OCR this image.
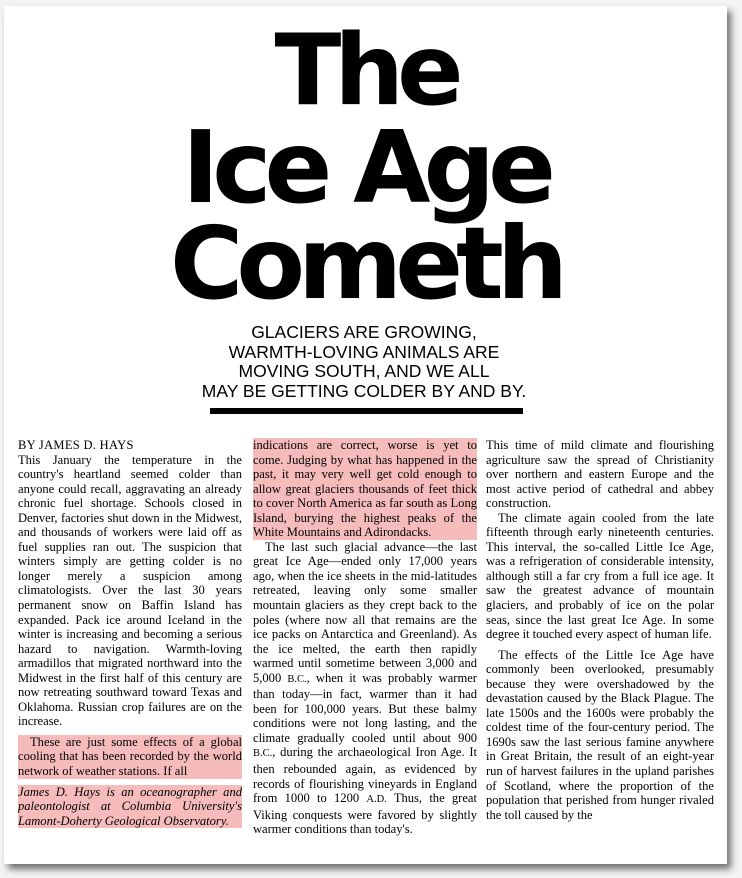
The
Ice Age
Cometh
GLACIERS ARE GROWING,
WARMTH-LOVING ANIMALS ARE
MOVING SOUTH, AND WE ALL
MAY BE GETTING COLDER BY AND BY.

BY JAMES D. HAYS

This January the temperature in the country's heartland seemed colder than anyone could recall, aggravating an already chronic fuel shortage. Schools closed in Denver, factories shut down in the Midwest, and thousands of workers were laid off as fuel supplies ran out. The suspicion that winters simply are getting colder is no longer merely a suspicion among climatologists. Over the last 30 years permanent snow on Baffin Island has expanded. Pack ice around Iceland in the winter is increasing and becoming a serious hazard to navigation. Warmth-loving armadillos that migrated northward into the Midwest in the first half of this century are now retreating southward toward Texas and Oklahoma. Russian crop failures are on the increase.

These are just some effects of a global cooling that has been recorded by the world network of weather stations. If all

James D. Hays is an oceanographer and paleontologist at Columbia University's Lamont-Doherty Geological Observatory.

indications are correct, worse is yet to come. Judging by what has happened in the past, it may very well get cold enough to allow great glaciers thousands of feet thick to cover North America as far south as Long Island, burying the highest peaks of the White Mountains and Adirondacks.

The last such glacial advance—the last great Ice Age—ended only 17,000 years ago, when the ice sheets in the mid-latitudes retreated, leaving only some smaller mountain glaciers as they crept back to the poles (where now all that remains are the ice packs on Antarctica and Greenland). As the ice melted, the earth then rapidly warmed until sometime between 3,000 and 5,000 B.C., when it was probably warmer than today—in fact, warmer than it had been for 100,000 years. But these balmy conditions were not long lasting, and the climate gradually cooled until about 900 B.C., during the archaeological Iron Age. It then rebounded again, as evidenced by records of flourishing vineyards in England from 1000 to 1200 A.D. Thus, the great Viking conquests were favored by slightly warmer conditions than today's.

This time of mild climate and flourishing agriculture saw the spread of Christianity over northern and eastern Europe and the most active period of cathedral and abbey construction.

The climate again cooled from the late fifteenth through early nineteenth centuries. This interval, the so-called Little Ice Age, was a refrigeration of considerable intensity, although still a far cry from a full ice age. It saw the greatest advance of mountain glaciers, and probably of ice on the polar seas, since the last great Ice Age. In some degree it touched every aspect of human life.

The effects of the Little Ice Age have commonly been overlooked, presumably because they were overshadowed by the devastation caused by the Black Plague. The late 1500s and the 1600s were probably the coldest time of the four-century period. The 1690s saw the last serious famine anywhere in Great Britain, the result of an eight-year run of harvest failures in the upland parishes of Scotland, where the proportion of the population that perished from hunger rivaled the toll caused by the
